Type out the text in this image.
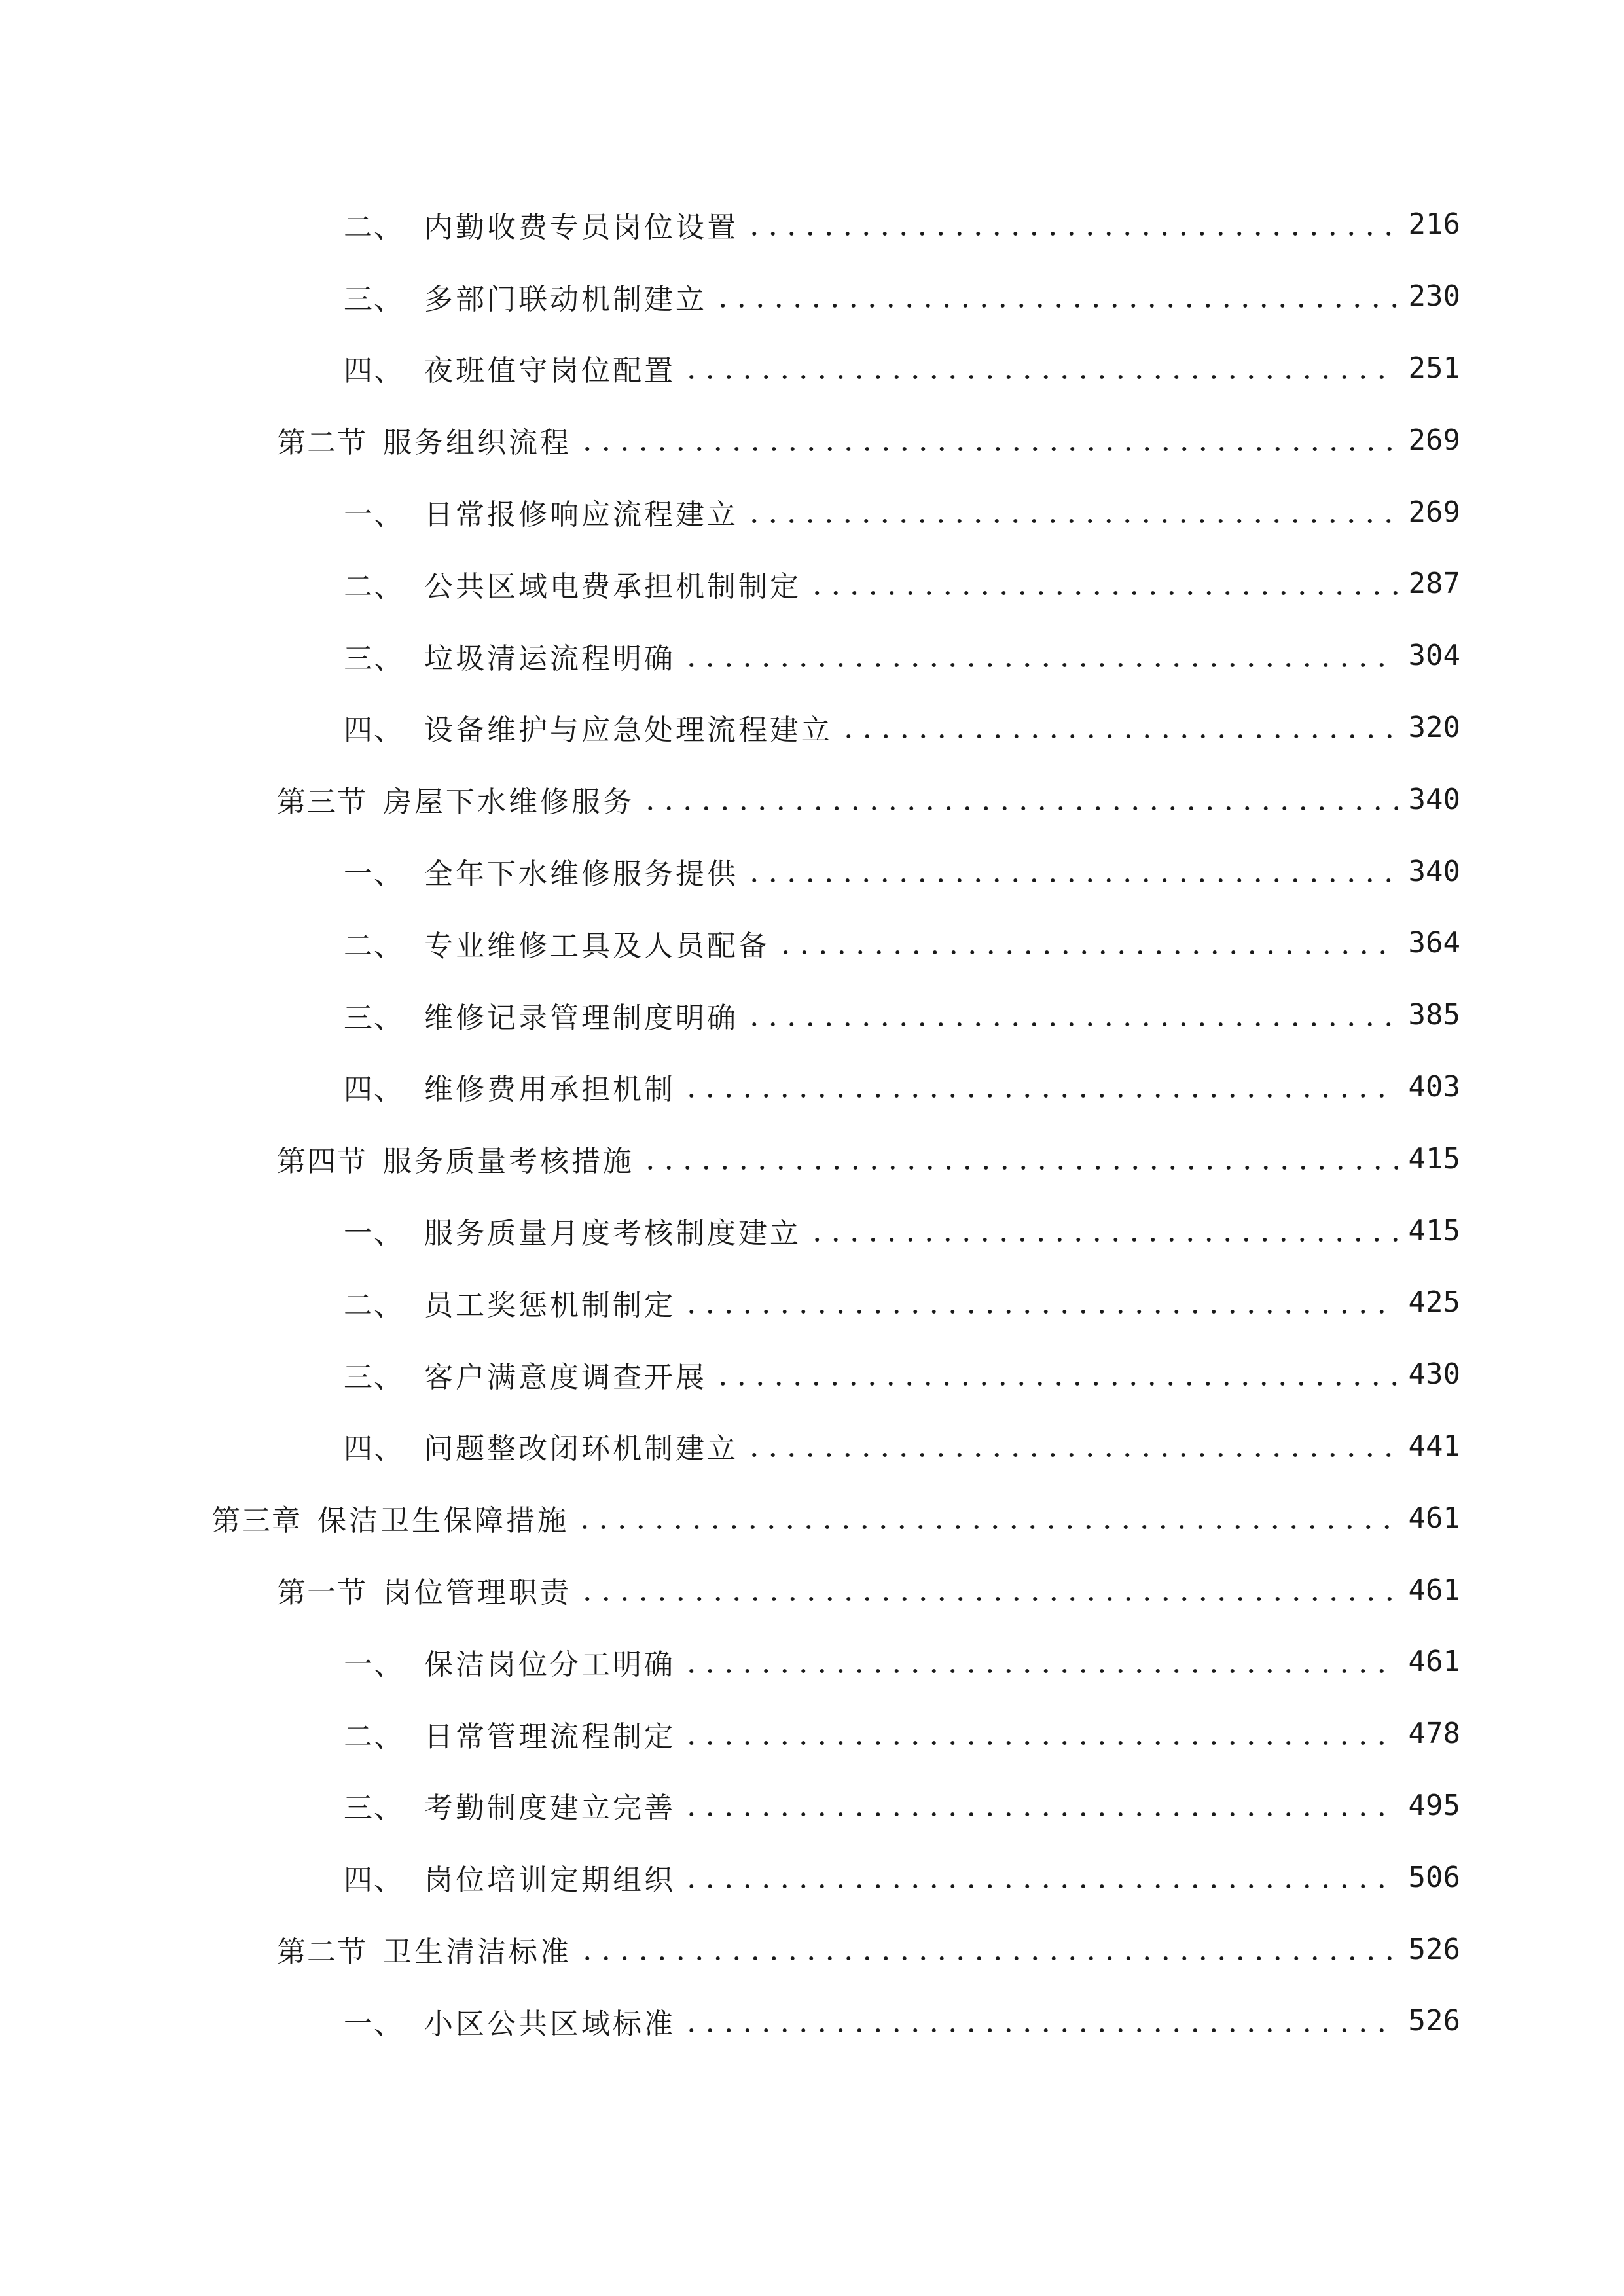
二、 内勤收费专员岗位设置	216
三、 多部门联动机制建立	230
四、 夜班值守岗位配置	251
第二节 服务组织流程	269
一、 日常报修响应流程建立	269
二、 公共区域电费承担机制制定	287
三、 垃圾清运流程明确	304
四、 设备维护与应急处理流程建立	320
第三节 房屋下水维修服务	340
一、 全年下水维修服务提供	340
二、 专业维修工具及人员配备	364
三、 维修记录管理制度明确	385
四、 维修费用承担机制	403
第四节 服务质量考核措施	415
一、 服务质量月度考核制度建立	415
二、 员工奖惩机制制定	425
三、 客户满意度调查开展	430
四、 问题整改闭环机制建立	441
第三章 保洁卫生保障措施	461
第一节 岗位管理职责	461
一、 保洁岗位分工明确	461
二、 日常管理流程制定	478
三、 考勤制度建立完善	495
四、 岗位培训定期组织	506
第二节 卫生清洁标准	526
一、 小区公共区域标准	526
